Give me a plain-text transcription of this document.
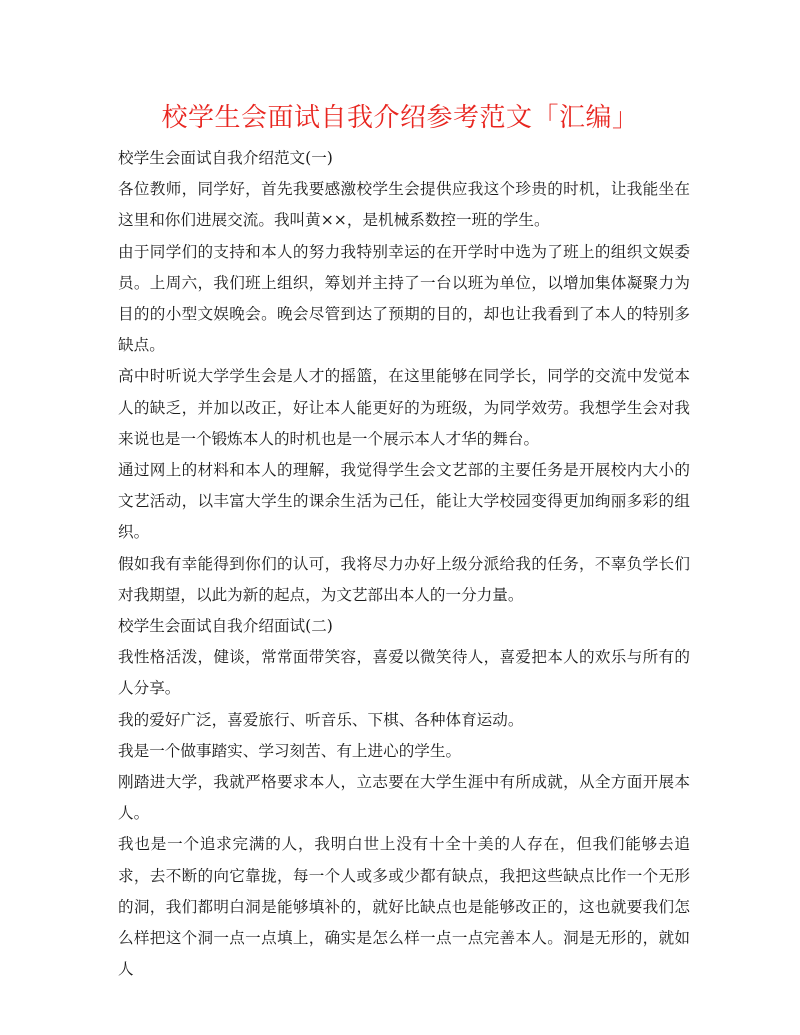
校学生会面试自我介绍参考范文「汇编」

校学生会面试自我介绍范文(一)

各位教师，同学好，首先我要感激校学生会提供应我这个珍贵的时机，让我能坐在这里和你们进展交流。我叫黄××，是机械系数控一班的学生。

由于同学们的支持和本人的努力我特别幸运的在开学时中选为了班上的组织文娱委员。上周六，我们班上组织，筹划并主持了一台以班为单位，以增加集体凝聚力为目的的小型文娱晚会。晚会尽管到达了预期的目的，却也让我看到了本人的特别多缺点。

高中时听说大学学生会是人才的摇篮，在这里能够在同学长，同学的交流中发觉本人的缺乏，并加以改正，好让本人能更好的为班级，为同学效劳。我想学生会对我来说也是一个锻炼本人的时机也是一个展示本人才华的舞台。

通过网上的材料和本人的理解，我觉得学生会文艺部的主要任务是开展校内大小的文艺活动，以丰富大学生的课余生活为己任，能让大学校园变得更加绚丽多彩的组织。

假如我有幸能得到你们的认可，我将尽力办好上级分派给我的任务，不辜负学长们对我期望，以此为新的起点，为文艺部出本人的一分力量。

校学生会面试自我介绍面试(二)

我性格活泼，健谈，常常面带笑容，喜爱以微笑待人，喜爱把本人的欢乐与所有的人分享。

我的爱好广泛，喜爱旅行、听音乐、下棋、各种体育运动。

我是一个做事踏实、学习刻苦、有上进心的学生。

刚踏进大学，我就严格要求本人，立志要在大学生涯中有所成就，从全方面开展本人。

我也是一个追求完满的人，我明白世上没有十全十美的人存在，但我们能够去追求，去不断的向它靠拢，每一个人或多或少都有缺点，我把这些缺点比作一个无形的洞，我们都明白洞是能够填补的，就好比缺点也是能够改正的，这也就要我们怎么样把这个洞一点一点填上，确实是怎么样一点一点完善本人。洞是无形的，就如人
